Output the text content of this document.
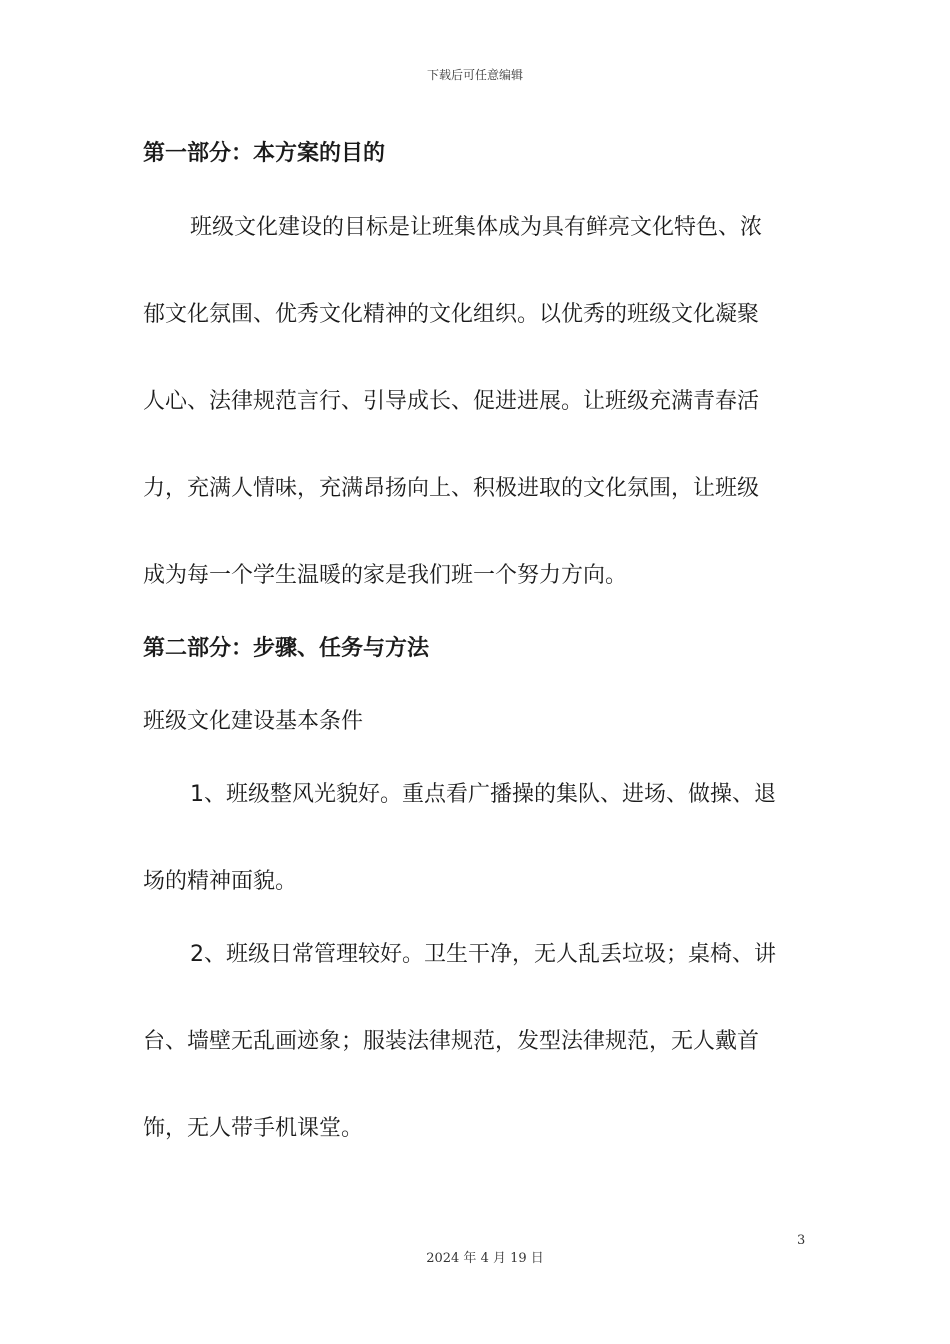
下载后可任意编辑
第一部分：本方案的目的
班级文化建设的目标是让班集体成为具有鲜亮文化特色、浓
郁文化氛围、优秀文化精神的文化组织。以优秀的班级文化凝聚
人心、法律规范言行、引导成长、促进进展。让班级充满青春活
力，充满人情味，充满昂扬向上、积极进取的文化氛围，让班级
成为每一个学生温暖的家是我们班一个努力方向。
第二部分：步骤、任务与方法
班级文化建设基本条件
1、班级整风光貌好。重点看广播操的集队、进场、做操、退
场的精神面貌。
2、班级日常管理较好。卫生干净，无人乱丢垃圾；桌椅、讲
台、墙壁无乱画迹象；服装法律规范，发型法律规范，无人戴首
饰，无人带手机课堂。
3
2024 年 4 月 19 日
